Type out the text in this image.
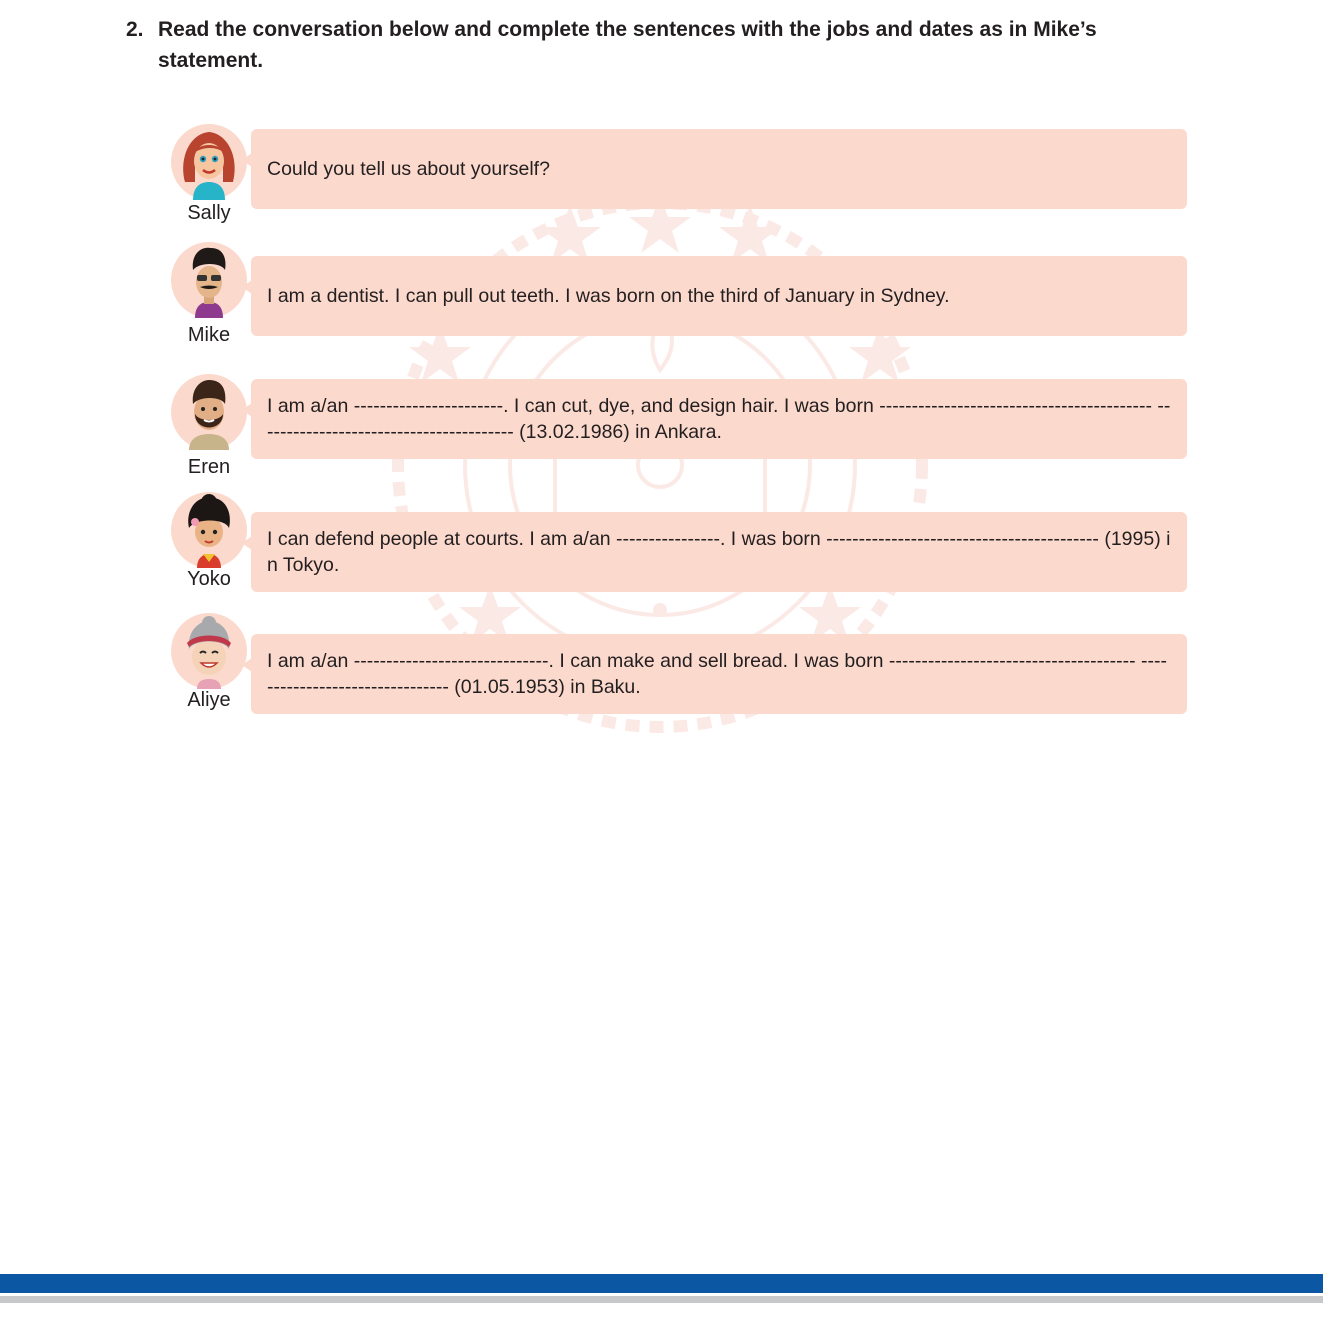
2. Read the conversation below and complete the sentences with the jobs and dates as in Mike’s statement.
Sally
Could you tell us about yourself?
Mike
I am a dentist. I can pull out teeth. I was born on the third of January in Sydney.
Eren
I am a/an -----------------------. I can cut, dye, and design hair. I was born ------------------------------------------ ---------------------------------------- (13.02.1986) in Ankara.
Yoko
I can defend people at courts. I am a/an ----------------. I was born ------------------------------------------ (1995) in Tokyo.
Aliye
I am a/an ------------------------------. I can make and sell bread. I was born -------------------------------------- -------------------------------- (01.05.1953) in Baku.
